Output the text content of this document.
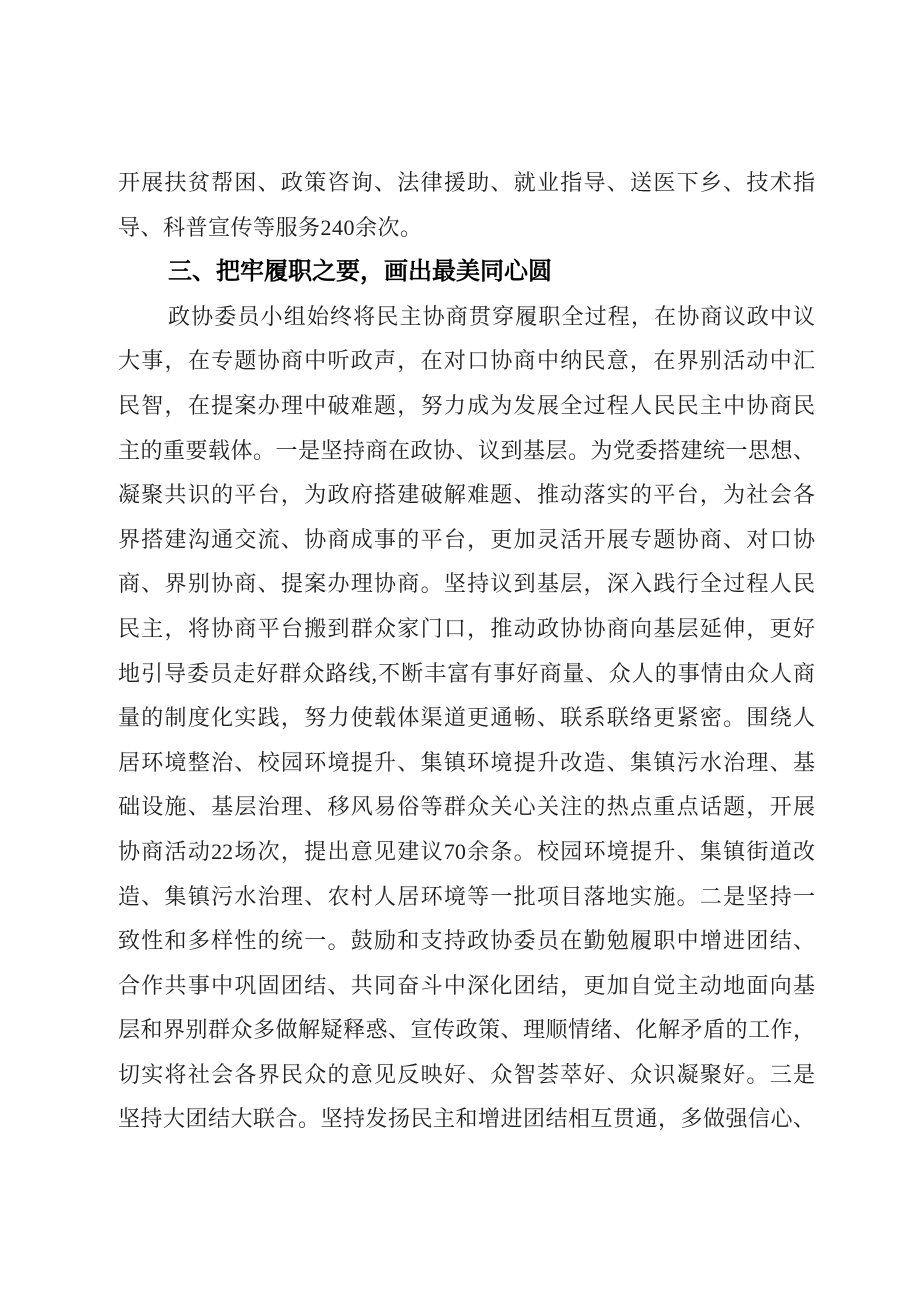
开展扶贫帮困、政策咨询、法律援助、就业指导、送医下乡、技术指
导、科普宣传等服务240余次。
三、把牢履职之要，画出最美同心圆
政协委员小组始终将民主协商贯穿履职全过程，在协商议政中议
大事，在专题协商中听政声，在对口协商中纳民意，在界别活动中汇
民智，在提案办理中破难题，努力成为发展全过程人民民主中协商民
主的重要载体。一是坚持商在政协、议到基层。为党委搭建统一思想、
凝聚共识的平台，为政府搭建破解难题、推动落实的平台，为社会各
界搭建沟通交流、协商成事的平台，更加灵活开展专题协商、对口协
商、界别协商、提案办理协商。坚持议到基层，深入践行全过程人民
民主，将协商平台搬到群众家门口，推动政协协商向基层延伸，更好
地引导委员走好群众路线,不断丰富有事好商量、众人的事情由众人商
量的制度化实践，努力使载体渠道更通畅、联系联络更紧密。围绕人
居环境整治、校园环境提升、集镇环境提升改造、集镇污水治理、基
础设施、基层治理、移风易俗等群众关心关注的热点重点话题，开展
协商活动22场次，提出意见建议70余条。校园环境提升、集镇街道改
造、集镇污水治理、农村人居环境等一批项目落地实施。二是坚持一
致性和多样性的统一。鼓励和支持政协委员在勤勉履职中增进团结、
合作共事中巩固团结、共同奋斗中深化团结，更加自觉主动地面向基
层和界别群众多做解疑释惑、宣传政策、理顺情绪、化解矛盾的工作，
切实将社会各界民众的意见反映好、众智荟萃好、众识凝聚好。三是
坚持大团结大联合。坚持发扬民主和增进团结相互贯通，多做强信心、
